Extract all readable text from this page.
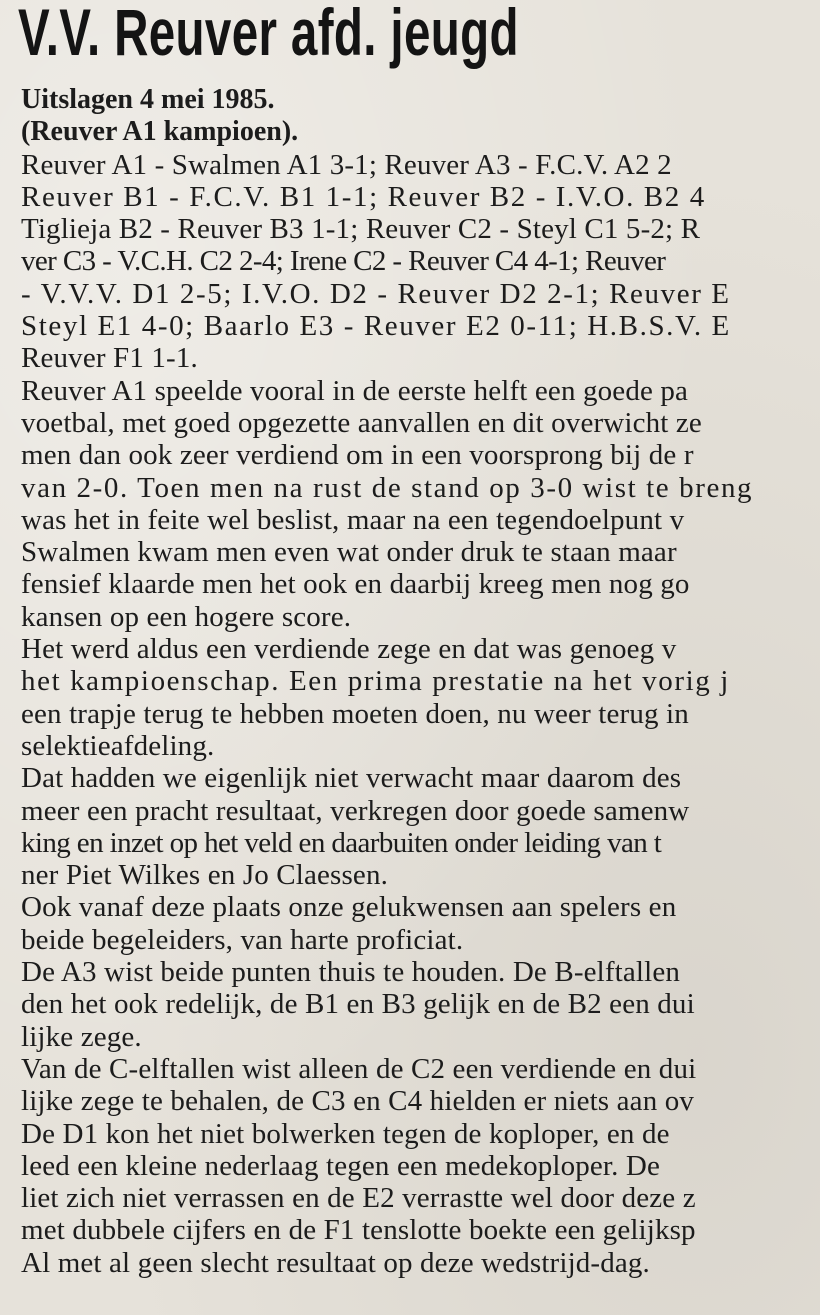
V.V. Reuver afd. jeugd
Uitslagen 4 mei 1985.
(Reuver A1 kampioen).
Reuver A1 - Swalmen A1 3-1; Reuver A3 - F.C.V. A2 2
Reuver B1 - F.C.V. B1 1-1; Reuver B2 - I.V.O. B2 4
Tiglieja B2 - Reuver B3 1-1; Reuver C2 - Steyl C1 5-2; R
ver C3 - V.C.H. C2 2-4; Irene C2 - Reuver C4 4-1; Reuver
- V.V.V. D1 2-5; I.V.O. D2 - Reuver D2 2-1; Reuver E
Steyl E1 4-0; Baarlo E3 - Reuver E2 0-11; H.B.S.V. E
Reuver F1 1-1.
Reuver A1 speelde vooral in de eerste helft een goede pa
voetbal, met goed opgezette aanvallen en dit overwicht ze
men dan ook zeer verdiend om in een voorsprong bij de r
van 2-0. Toen men na rust de stand op 3-0 wist te breng
was het in feite wel beslist, maar na een tegendoelpunt v
Swalmen kwam men even wat onder druk te staan maar
fensief klaarde men het ook en daarbij kreeg men nog go
kansen op een hogere score.
Het werd aldus een verdiende zege en dat was genoeg v
het kampioenschap. Een prima prestatie na het vorig j
een trapje terug te hebben moeten doen, nu weer terug in
selektieafdeling.
Dat hadden we eigenlijk niet verwacht maar daarom des
meer een pracht resultaat, verkregen door goede samenw
king en inzet op het veld en daarbuiten onder leiding van t
ner Piet Wilkes en Jo Claessen.
Ook vanaf deze plaats onze gelukwensen aan spelers en
beide begeleiders, van harte proficiat.
De A3 wist beide punten thuis te houden. De B-elftallen
den het ook redelijk, de B1 en B3 gelijk en de B2 een dui
lijke zege.
Van de C-elftallen wist alleen de C2 een verdiende en dui
lijke zege te behalen, de C3 en C4 hielden er niets aan ov
De D1 kon het niet bolwerken tegen de koploper, en de
leed een kleine nederlaag tegen een medekoploper. De
liet zich niet verrassen en de E2 verrastte wel door deze z
met dubbele cijfers en de F1 tenslotte boekte een gelijksp
Al met al geen slecht resultaat op deze wedstrijd-dag.
